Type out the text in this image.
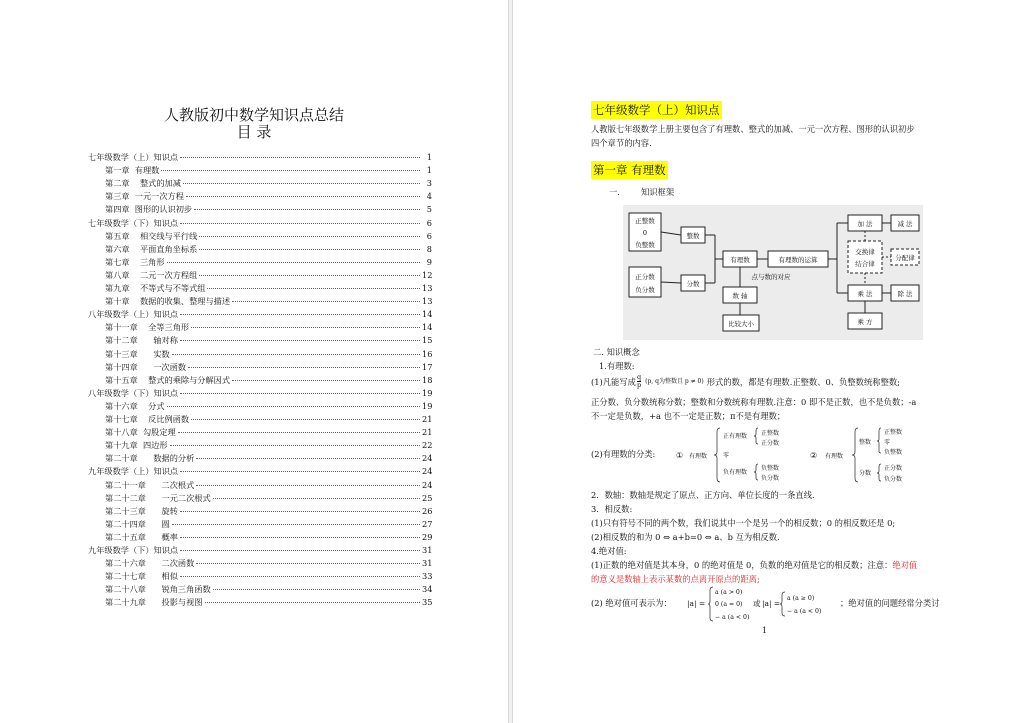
人教版初中数学知识点总结
目 录
七年级数学（上）知识点	1
第一章  有理数	1
第二章    整式的加减	3
第三章  一元一次方程	4
第四章  图形的认识初步	5
七年级数学（下）知识点	6
第五章    相交线与平行线	6
第六章    平面直角坐标系	8
第七章    三角形	9
第八章    二元一次方程组	12
第九章    不等式与不等式组	13
第十章    数据的收集、整理与描述	13
八年级数学（上）知识点	14
第十一章    全等三角形	14
第十二章      轴对称	15
第十三章      实数	16
第十四章      一次函数	17
第十五章    整式的乘除与分解因式	18
八年级数学（下）知识点	19
第十六章    分式	19
第十七章    反比例函数	21
第十八章  勾股定理	21
第十九章  四边形	22
第二十章      数据的分析	24
九年级数学（上）知识点	24
第二十一章      二次根式	24
第二十二章      一元二次根式	25
第二十三章      旋转	26
第二十四章      圆	27
第二十五章      概率	29
九年级数学（下）知识点	31
第二十六章      二次函数	31
第二十七章      相似	33
第二十八章      锐角三角函数	34
第二十九章      投影与视图	35
七年级数学（上）知识点
人教版七年级数学上册主要包含了有理数、整式的加减、一元一次方程、图形的认识初步
四个章节的内容.
第一章 有理数
一.        知识框架
正整数
0
负整数
整数
正分数
负分数
分数
有理数	有理数的运算
点与数的对应
数 轴
比较大小
加 法	减 法
交换律
结合律
分配律
乘 法	除 法
乘 方
二. 知识概念
1.有理数:
(1)凡能写成 $\frac{q}{p} (p$, q为整数且 p ≠ 0) 形式的数，都是有理数.正整数、0、负整数统称整数;
正分数、负分数统称分数；整数和分数统称有理数.注意：0 即不是正数，也不是负数；-a
不一定是负数，+a 也不一定是正数；π不是有理数；
(2)有理数的分类:	① 有理数
正有理数 正整数
正分数
零
负有理数
负整数
负分数
② 有理数
整数
正整数
零
负整数
分数
正分数
负分数
2．数轴：数轴是规定了原点、正方向、单位长度的一条直线.
3．相反数:
(1)只有符号不同的两个数，我们说其中一个是另一个的相反数；0 的相反数还是 0;
(2)相反数的和为 0 ⇔ a+b=0 ⇔ a、b 互为相反数.
4.绝对值:
(1)正数的绝对值是其本身，0 的绝对值是 0，负数的绝对值是它的相反数；注意：绝对值
的意义是数轴上表示某数的点离开原点的距离;
(2) 绝对值可表示为： |a| =
a (a > 0)
0 (a = 0)
− a (a < 0)
或 |a| =
a (a ≥ 0)
− a (a < 0)
；绝对值的问题经常分类讨
1
